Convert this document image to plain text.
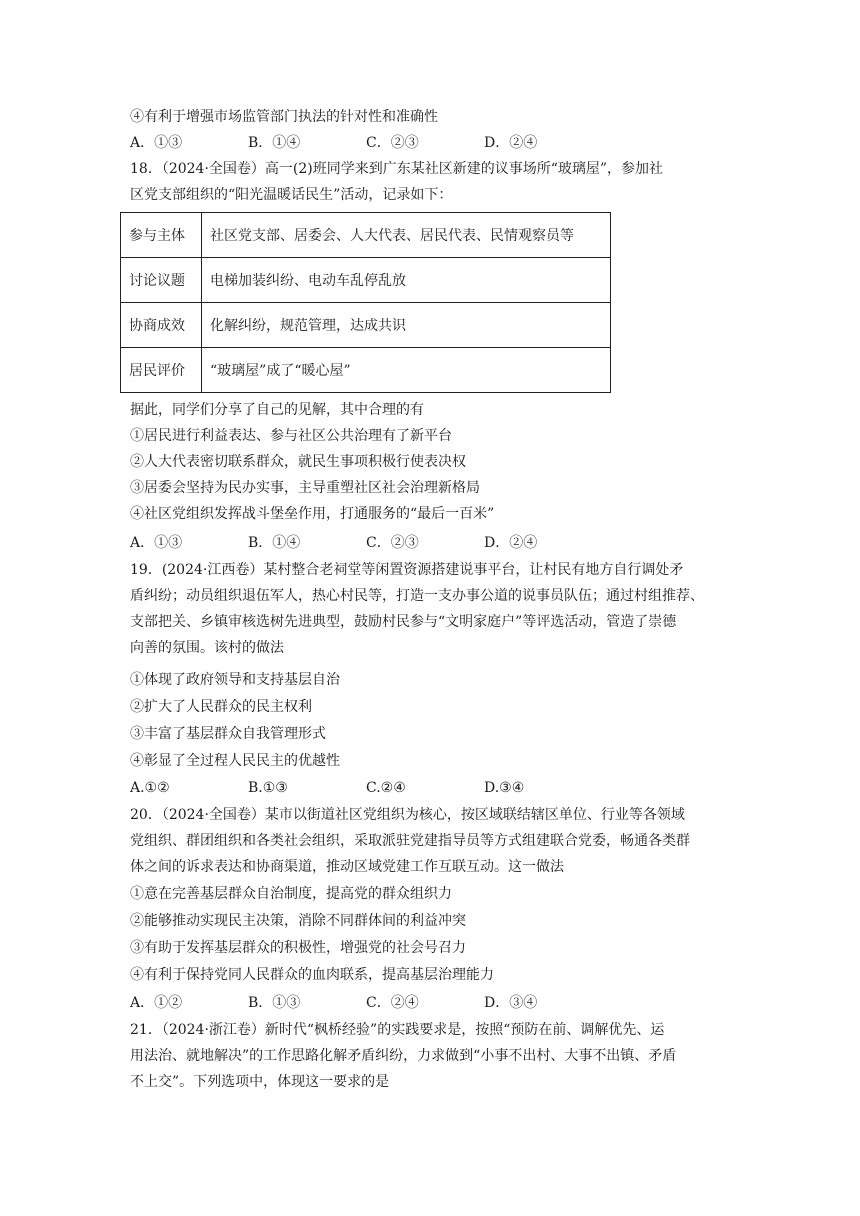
④有利于增强市场监管部门执法的针对性和准确性
A．①③	B．①④	C．②③	D．②④
18．（2024·全国卷）高一(2)班同学来到广东某社区新建的议事场所“玻璃屋”，参加社
区党支部组织的“阳光温暖话民生”活动，记录如下：
参与主体	社区党支部、居委会、人大代表、居民代表、民情观察员等
讨论议题	电梯加装纠纷、电动车乱停乱放
协商成效	化解纠纷，规范管理，达成共识
居民评价	“玻璃屋”成了“暖心屋”
据此，同学们分享了自己的见解，其中合理的有
①居民进行利益表达、参与社区公共治理有了新平台
②人大代表密切联系群众，就民生事项积极行使表决权
③居委会坚持为民办实事，主导重塑社区社会治理新格局
④社区党组织发挥战斗堡垒作用，打通服务的“最后一百米”
A．①③	B．①④	C．②③	D．②④
19．(2024·江西卷）某村整合老祠堂等闲置资源搭建说事平台，让村民有地方自行调处矛
盾纠纷；动员组织退伍军人，热心村民等，打造一支办事公道的说事员队伍；通过村组推荐、
支部把关、乡镇审核选树先进典型，鼓励村民参与“文明家庭户”等评选活动，管造了崇德
向善的氛围。该村的做法
①体现了政府领导和支持基层自治
②扩大了人民群众的民主权利
③丰富了基层群众自我管理形式
④彰显了全过程人民民主的优越性
A.①②	B.①③	C.②④	D.③④
20．（2024·全国卷）某市以街道社区党组织为核心，按区域联结辖区单位、行业等各领域
党组织、群团组织和各类社会组织，采取派驻党建指导员等方式组建联合党委，畅通各类群
体之间的诉求表达和协商渠道，推动区域党建工作互联互动。这一做法
①意在完善基层群众自治制度，提高党的群众组织力
②能够推动实现民主决策，消除不同群体间的利益冲突
③有助于发挥基层群众的积极性，增强党的社会号召力
④有利于保持党同人民群众的血肉联系，提高基层治理能力
A．①②	B．①③	C．②④	D．③④
21．（2024·浙江卷）新时代“枫桥经验”的实践要求是，按照“预防在前、调解优先、运
用法治、就地解决”的工作思路化解矛盾纠纷，力求做到“小事不出村、大事不出镇、矛盾
不上交”。下列选项中，体现这一要求的是
